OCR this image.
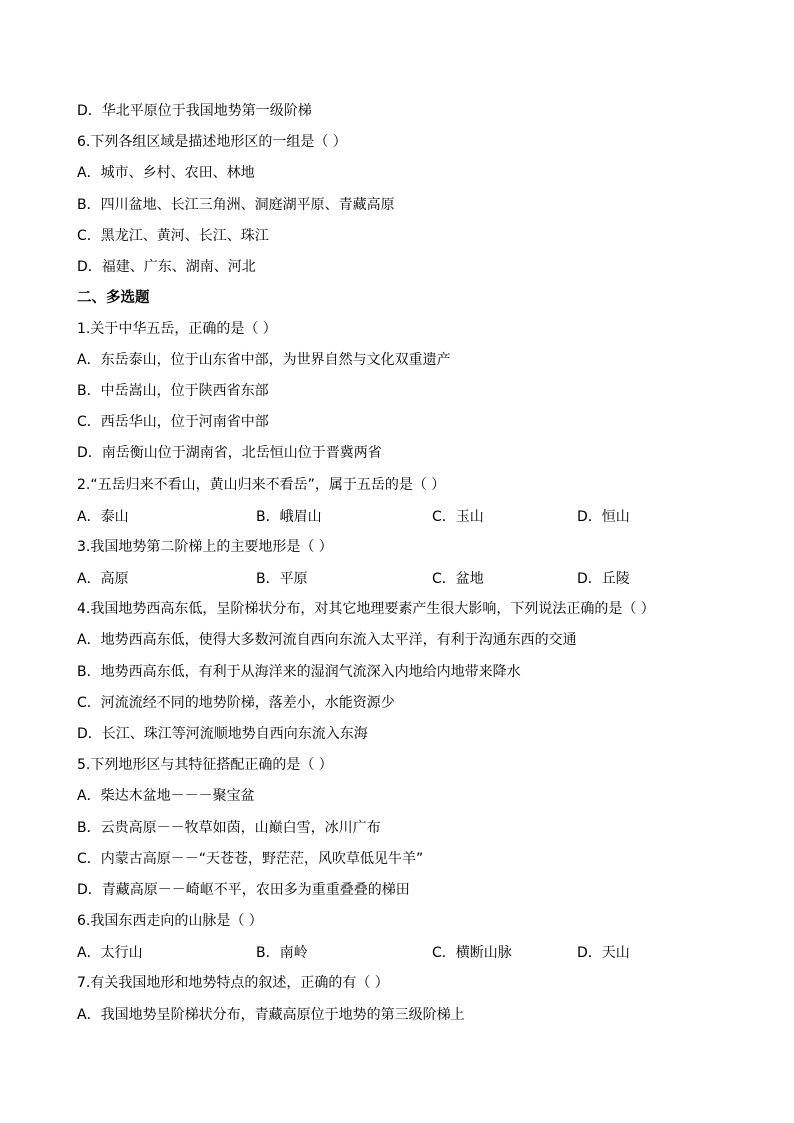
D．华北平原位于我国地势第一级阶梯
6.下列各组区域是描述地形区的一组是（ ）
A．城市、乡村、农田、林地
B．四川盆地、长江三角洲、洞庭湖平原、青藏高原
C．黑龙江、黄河、长江、珠江
D．福建、广东、湖南、河北
二、多选题
1.关于中华五岳，正确的是（ ）
A．东岳泰山，位于山东省中部，为世界自然与文化双重遗产
B．中岳嵩山，位于陕西省东部
C．西岳华山，位于河南省中部
D．南岳衡山位于湖南省，北岳恒山位于晋冀两省
2.“五岳归来不看山，黄山归来不看岳”，属于五岳的是（ ）
A．泰山	B．峨眉山	C．玉山	D．恒山
3.我国地势第二阶梯上的主要地形是（ ）
A．高原	B．平原	C．盆地	D．丘陵
4.我国地势西高东低，呈阶梯状分布，对其它地理要素产生很大影响，下列说法正确的是（ ）
A．地势西高东低，使得大多数河流自西向东流入太平洋，有利于沟通东西的交通
B．地势西高东低，有利于从海洋来的湿润气流深入内地给内地带来降水
C．河流流经不同的地势阶梯，落差小，水能资源少
D．长江、珠江等河流顺地势自西向东流入东海
5.下列地形区与其特征搭配正确的是（ ）
A．柴达木盆地－－－聚宝盆
B．云贵高原－－牧草如茵，山巅白雪，冰川广布
C．内蒙古高原－－“天苍苍，野茫茫，风吹草低见牛羊”
D．青藏高原－－崎岖不平，农田多为重重叠叠的梯田
6.我国东西走向的山脉是（ ）
A．太行山	B．南岭	C．横断山脉	D．天山
7.有关我国地形和地势特点的叙述，正确的有（ ）
A．我国地势呈阶梯状分布，青藏高原位于地势的第三级阶梯上
